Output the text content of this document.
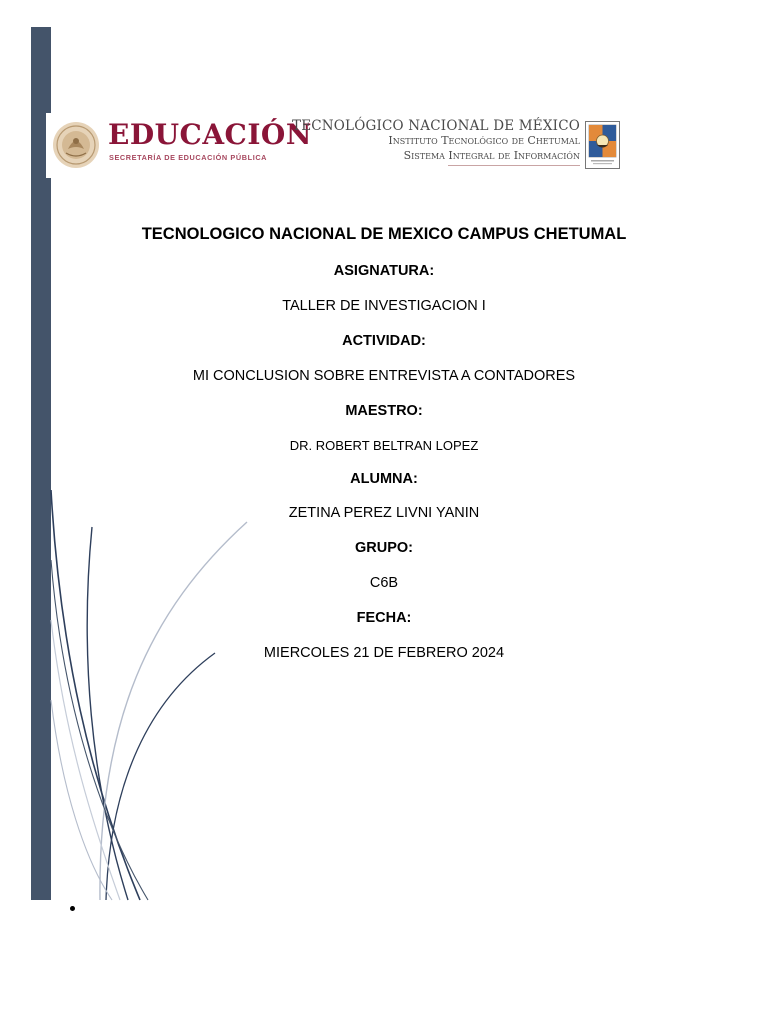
EDUCACIÓN
SECRETARÍA DE EDUCACIÓN PÚBLICA
TECNOLÓGICO NACIONAL DE MÉXICO
Instituto Tecnológico de Chetumal
Sistema Integral de Información
TECNOLOGICO NACIONAL DE MEXICO CAMPUS CHETUMAL
ASIGNATURA:
TALLER DE INVESTIGACION I
ACTIVIDAD:
MI CONCLUSION SOBRE ENTREVISTA A CONTADORES
MAESTRO:
DR. ROBERT BELTRAN LOPEZ
ALUMNA:
ZETINA PEREZ LIVNI YANIN
GRUPO:
C6B
FECHA:
MIERCOLES 21 DE FEBRERO 2024
